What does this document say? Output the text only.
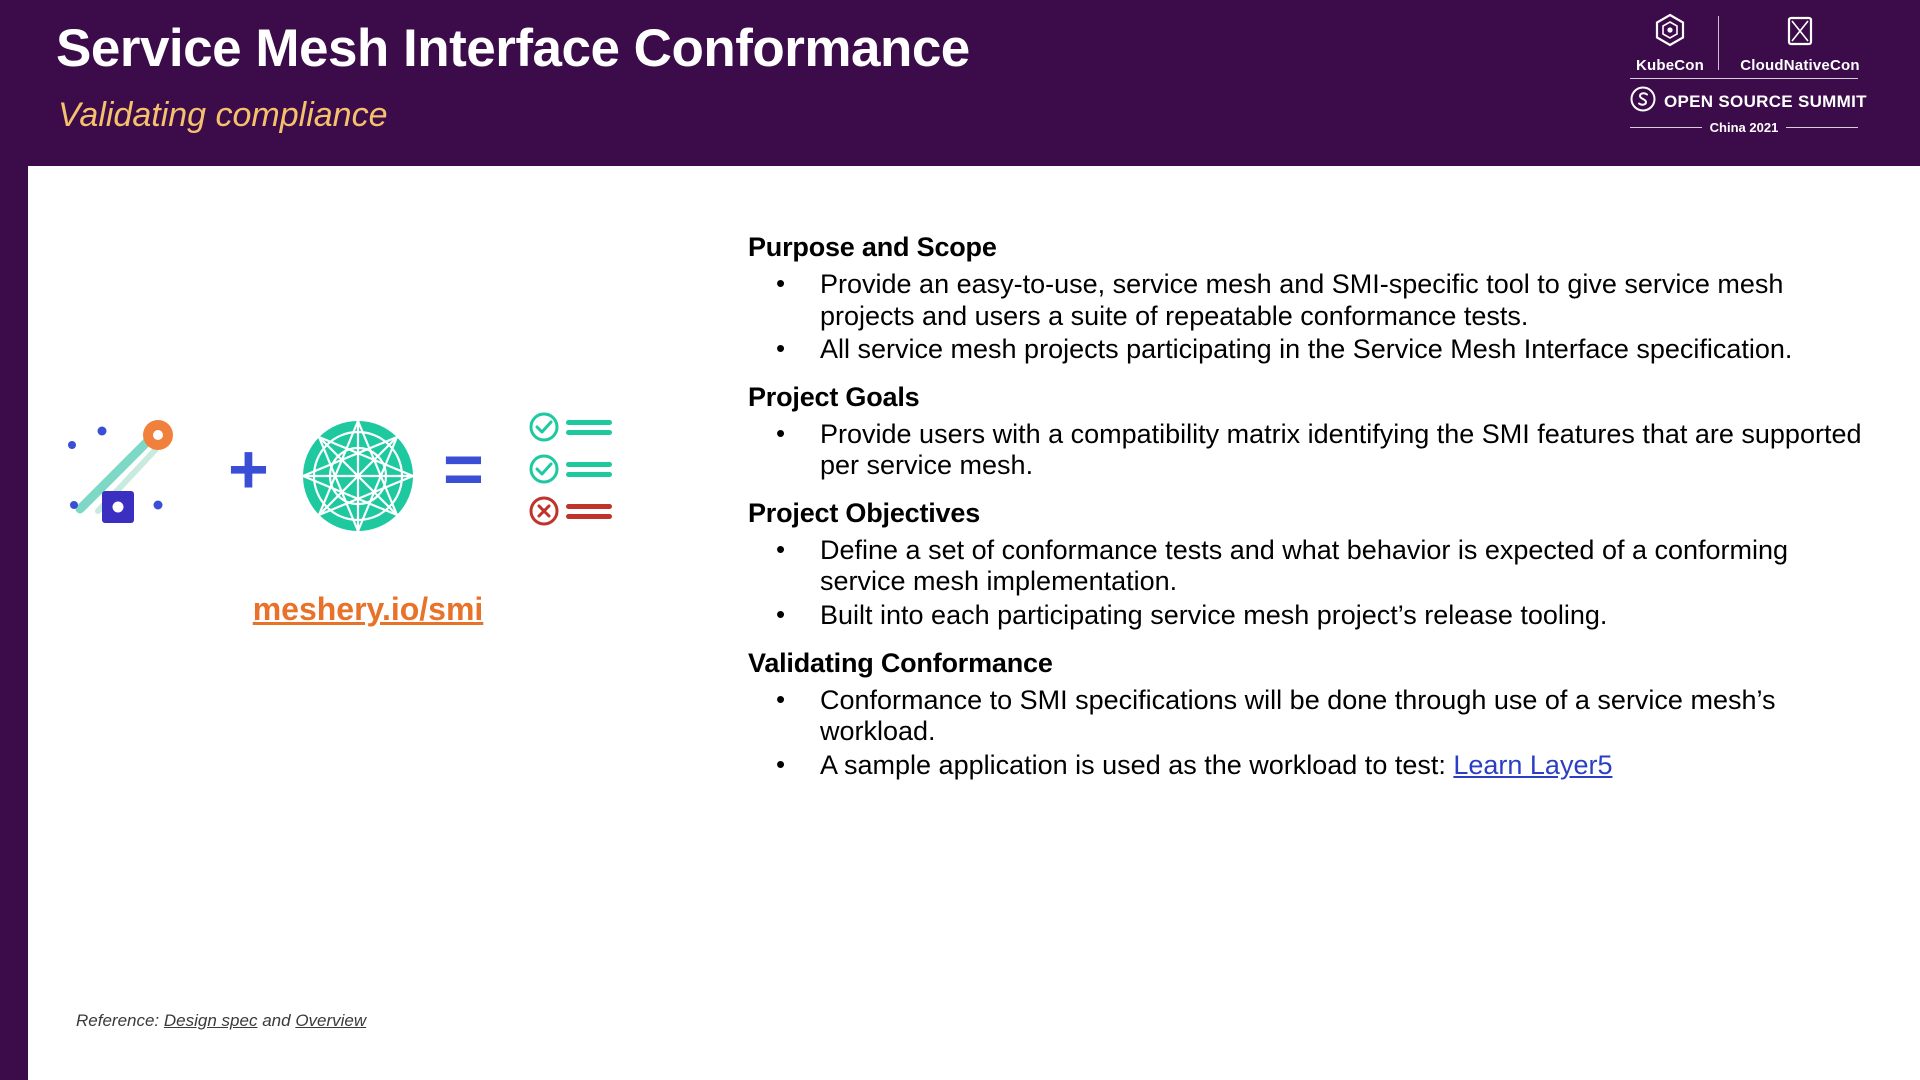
Service Mesh Interface Conformance
Validating compliance
KubeCon CloudNativeCon
OPEN SOURCE SUMMIT
China 2021
+ =
meshery.io/smi
Reference: Design spec and Overview
Purpose and Scope
• Provide an easy-to-use, service mesh and SMI-specific tool to give service mesh projects and users a suite of repeatable conformance tests.
• All service mesh projects participating in the Service Mesh Interface specification.
Project Goals
• Provide users with a compatibility matrix identifying the SMI features that are supported per service mesh.
Project Objectives
• Define a set of conformance tests and what behavior is expected of a conforming service mesh implementation.
• Built into each participating service mesh project’s release tooling.
Validating Conformance
• Conformance to SMI specifications will be done through use of a service mesh’s workload.
• A sample application is used as the workload to test: Learn Layer5
